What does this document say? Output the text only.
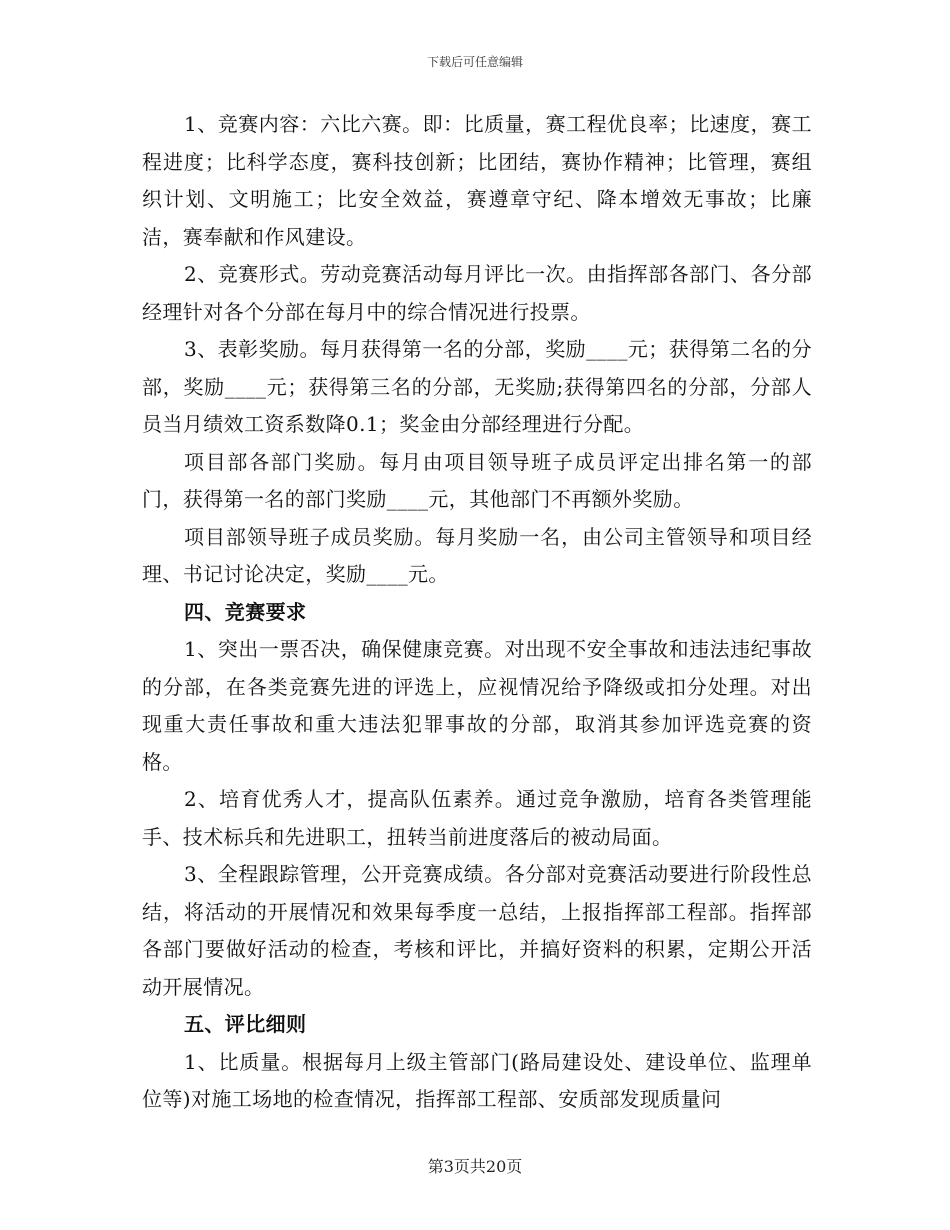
下载后可任意编辑

1、竞赛内容：六比六赛。即：比质量，赛工程优良率；比速度，赛工程进度；比科学态度，赛科技创新；比团结，赛协作精神；比管理，赛组织计划、文明施工；比安全效益，赛遵章守纪、降本增效无事故；比廉洁，赛奉献和作风建设。

2、竞赛形式。劳动竞赛活动每月评比一次。由指挥部各部门、各分部经理针对各个分部在每月中的综合情况进行投票。

3、表彰奖励。每月获得第一名的分部，奖励____元；获得第二名的分部，奖励____元；获得第三名的分部，无奖励;获得第四名的分部，分部人员当月绩效工资系数降0.1；奖金由分部经理进行分配。

项目部各部门奖励。每月由项目领导班子成员评定出排名第一的部门，获得第一名的部门奖励____元，其他部门不再额外奖励。

项目部领导班子成员奖励。每月奖励一名，由公司主管领导和项目经理、书记讨论决定，奖励____元。

四、竞赛要求

1、突出一票否决，确保健康竞赛。对出现不安全事故和违法违纪事故的分部，在各类竞赛先进的评选上，应视情况给予降级或扣分处理。对出现重大责任事故和重大违法犯罪事故的分部，取消其参加评选竞赛的资格。

2、培育优秀人才，提高队伍素养。通过竞争激励，培育各类管理能手、技术标兵和先进职工，扭转当前进度落后的被动局面。

3、全程跟踪管理，公开竞赛成绩。各分部对竞赛活动要进行阶段性总结，将活动的开展情况和效果每季度一总结，上报指挥部工程部。指挥部各部门要做好活动的检查，考核和评比，并搞好资料的积累，定期公开活动开展情况。

五、评比细则

1、比质量。根据每月上级主管部门(路局建设处、建设单位、监理单位等)对施工场地的检查情况，指挥部工程部、安质部发现质量问

第3页共20页
